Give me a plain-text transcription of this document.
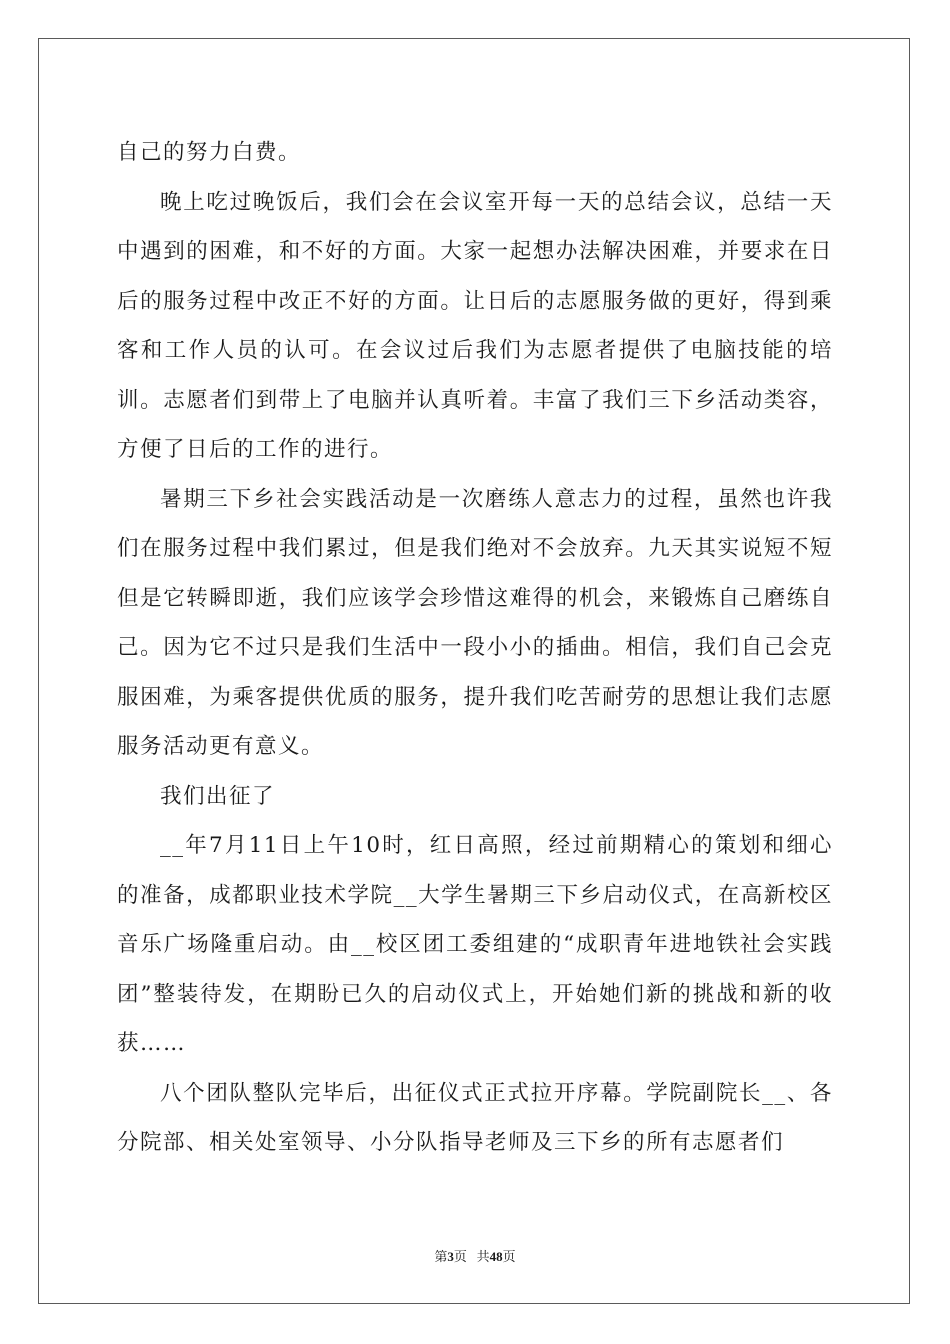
自己的努力白费。

晚上吃过晚饭后，我们会在会议室开每一天的总结会议，总结一天中遇到的困难，和不好的方面。大家一起想办法解决困难，并要求在日后的服务过程中改正不好的方面。让日后的志愿服务做的更好，得到乘客和工作人员的认可。在会议过后我们为志愿者提供了电脑技能的培训。志愿者们到带上了电脑并认真听着。丰富了我们三下乡活动类容，方便了日后的工作的进行。

暑期三下乡社会实践活动是一次磨练人意志力的过程，虽然也许我们在服务过程中我们累过，但是我们绝对不会放弃。九天其实说短不短但是它转瞬即逝，我们应该学会珍惜这难得的机会，来锻炼自己磨练自己。因为它不过只是我们生活中一段小小的插曲。相信，我们自己会克服困难，为乘客提供优质的服务，提升我们吃苦耐劳的思想让我们志愿服务活动更有意义。

我们出征了

__年7月11日上午10时，红日高照，经过前期精心的策划和细心的准备，成都职业技术学院__大学生暑期三下乡启动仪式，在高新校区音乐广场隆重启动。由__校区团工委组建的“成职青年进地铁社会实践团”整装待发，在期盼已久的启动仪式上，开始她们新的挑战和新的收获……

八个团队整队完毕后，出征仪式正式拉开序幕。学院副院长__、各分院部、相关处室领导、小分队指导老师及三下乡的所有志愿者们

第3页 共48页
